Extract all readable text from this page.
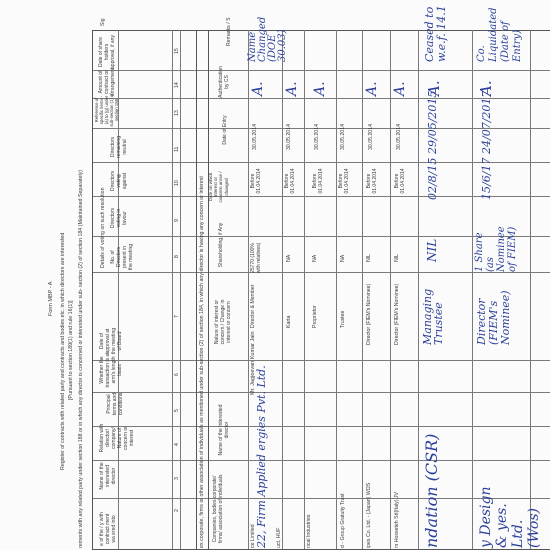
Form MBP - A Register of contracts with related party and contracts and bodies etc. in which directors are interested [Pursuant to section 189(1) and rule 16(1)] rements with any related party under section 188 or in which any director is concerned or interested under sub- section (2) of section 184 (Maintained Separately)	e of the / y with contract ment wa ered into
Name of the interested director
Relation with director/ company/ Nature of concern or interest
Principal terms and conditions
Whether the transaction is at arm's length basis
Date of approval at the meeting of Board
Details of voting on such resolution No. of Directors present in the meeting
Directors voting in favour
Directors voting against
Directors remaining neutral
Reference of specific items - (a) to (g) under sub-section (1) of section 188
Amount of contract or arrangement
Date of share holders approval, if any
Sig
2
3
4
5
6
7
8
9
10
11
13
14
15
es corporate, firms or other association of individuals as mentioned under sub-section (2) of section 184, in which any director is having any concern or interest Companies, bodies corporate/ firms/ association of individuals
Name of the Interested director
Nature of interest or concern / Change in interest or concern
Shareholding, if Any
Date on which interest or concern arose / changed
Date of Entry
Authentication by CS
Remarks / S
Mr. Jagjeevan Kumar Jain
ce Limited 22, Firm Applied ergies Pvt. Ltd. uct, HUF
Director & Member
25770 (100% with relatives)
Before 01.04.2014
30.05.2014
A.
Name Changed (DOE 30.03)
Karta
NA
Before 01.04.2014
30.05.2014
A.
rical Industries
Proprietor
NA
Before 01.04.2014
30.05.2014
A.
d - Group Gratuity Trust
Trustee
NA
Before 01.04.2014
30.05.2014
ipes Co. Ltd. - (Japan) WOS
Director (FIEM's Nominee)
NIL
Before 01.04.2014
30.05.2014
A.
m Hosseteh Srl(Italy) JV
Director (FIEM's Nominee)
NIL
Before 01.04.2014
30.05.2014
A.
ndation (CSR)
Managing Trustee
NIL
02/8/15
29/05/2015
A.
Ceased to w.e.f. 14.1
y Design & yes. Ltd. (Wos)
Director (FIEM's Nominee)
1 Share (as Nominee of FIEM)
15/6/17
24/07/2017
A.
Co. Liquidated (Date of Entry)
